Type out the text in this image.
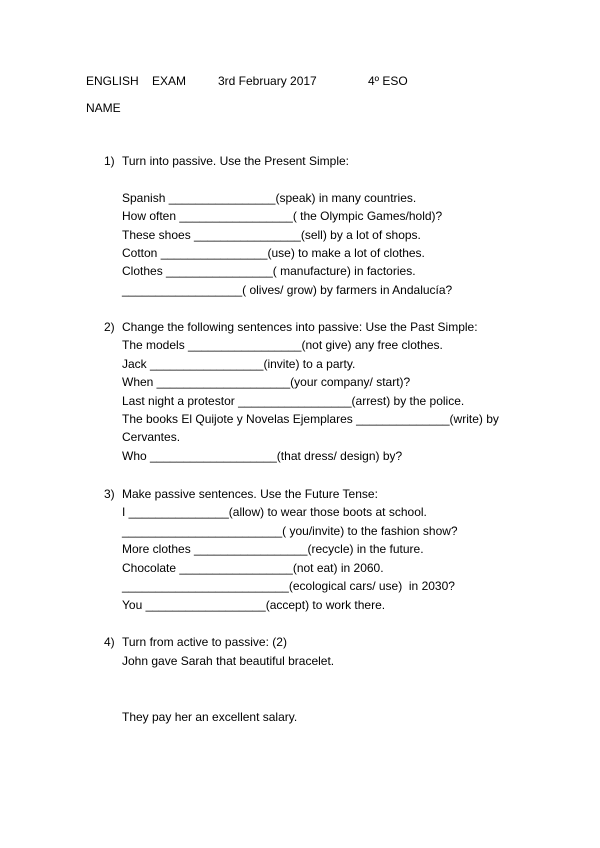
ENGLISH    EXAM	3rd February 2017	4º ESO
NAME
1) Turn into passive. Use the Present Simple:
Spanish ________________(speak) in many countries.
How often _________________( the Olympic Games/hold)?
These shoes ________________(sell) by a lot of shops.
Cotton ________________(use) to make a lot of clothes.
Clothes ________________( manufacture) in factories.
__________________( olives/ grow) by farmers in Andalucía?
2) Change the following sentences into passive: Use the Past Simple:
The models _________________(not give) any free clothes.
Jack _________________(invite) to a party.
When ____________________(your company/ start)?
Last night a protestor _________________(arrest) by the police.
The books El Quijote y Novelas Ejemplares ______________(write) by
Cervantes.
Who ___________________(that dress/ design) by?
3) Make passive sentences. Use the Future Tense:
I _______________(allow) to wear those boots at school.
________________________( you/invite) to the fashion show?
More clothes _________________(recycle) in the future.
Chocolate _________________(not eat) in 2060.
_________________________(ecological cars/ use)  in 2030?
You __________________(accept) to work there.
4) Turn from active to passive: (2)
John gave Sarah that beautiful bracelet.
They pay her an excellent salary.
